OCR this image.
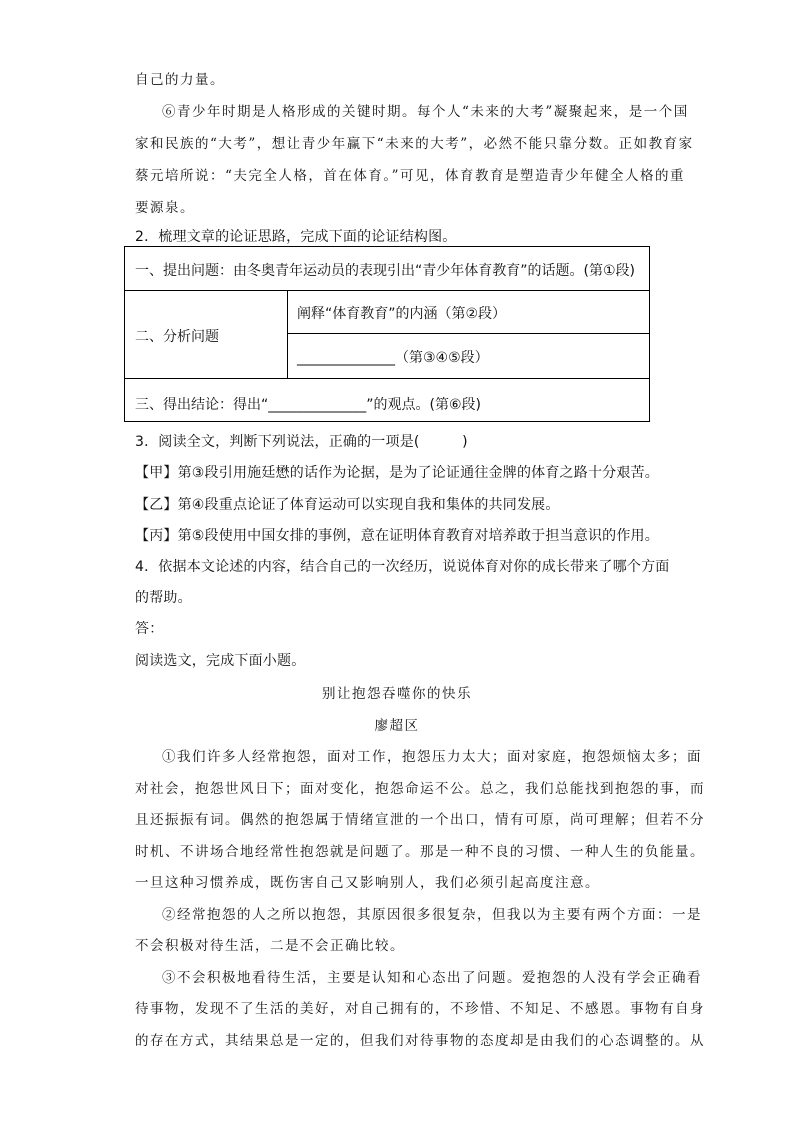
自己的力量。
⑥青少年时期是人格形成的关键时期。每个人“未来的大考”凝聚起来，是一个国
家和民族的“大考”，想让青少年赢下“未来的大考”，必然不能只靠分数。正如教育家
蔡元培所说：“夫完全人格，首在体育。”可见，体育教育是塑造青少年健全人格的重
要源泉。
2．梳理文章的论证思路，完成下面的论证结构图。
一、提出问题：由冬奥青年运动员的表现引出“青少年体育教育”的话题。(第①段)
二、分析问题
阐释“体育教育”的内涵（第②段）
______________（第③④⑤段）
三、得出结论：得出“______________”的观点。(第⑥段)
3．阅读全文，判断下列说法，正确的一项是(　　　)
【甲】第③段引用施廷懋的话作为论据，是为了论证通往金牌的体育之路十分艰苦。
【乙】第④段重点论证了体育运动可以实现自我和集体的共同发展。
【丙】第⑤段使用中国女排的事例，意在证明体育教育对培养敢于担当意识的作用。
4．依据本文论述的内容，结合自己的一次经历，说说体育对你的成长带来了哪个方面
的帮助。
答：
阅读选文，完成下面小题。
别让抱怨吞噬你的快乐
廖超区
①我们许多人经常抱怨，面对工作，抱怨压力太大；面对家庭，抱怨烦恼太多；面
对社会，抱怨世风日下；面对变化，抱怨命运不公。总之，我们总能找到抱怨的事，而
且还振振有词。偶然的抱怨属于情绪宣泄的一个出口，情有可原，尚可理解；但若不分
时机、不讲场合地经常性抱怨就是问题了。那是一种不良的习惯、一种人生的负能量。
一旦这种习惯养成，既伤害自己又影响别人，我们必须引起高度注意。
②经常抱怨的人之所以抱怨，其原因很多很复杂，但我以为主要有两个方面：一是
不会积极对待生活，二是不会正确比较。
③不会积极地看待生活，主要是认知和心态出了问题。爱抱怨的人没有学会正确看
待事物，发现不了生活的美好，对自己拥有的，不珍惜、不知足、不感恩。事物有自身
的存在方式，其结果总是一定的，但我们对待事物的态度却是由我们的心态调整的。从
